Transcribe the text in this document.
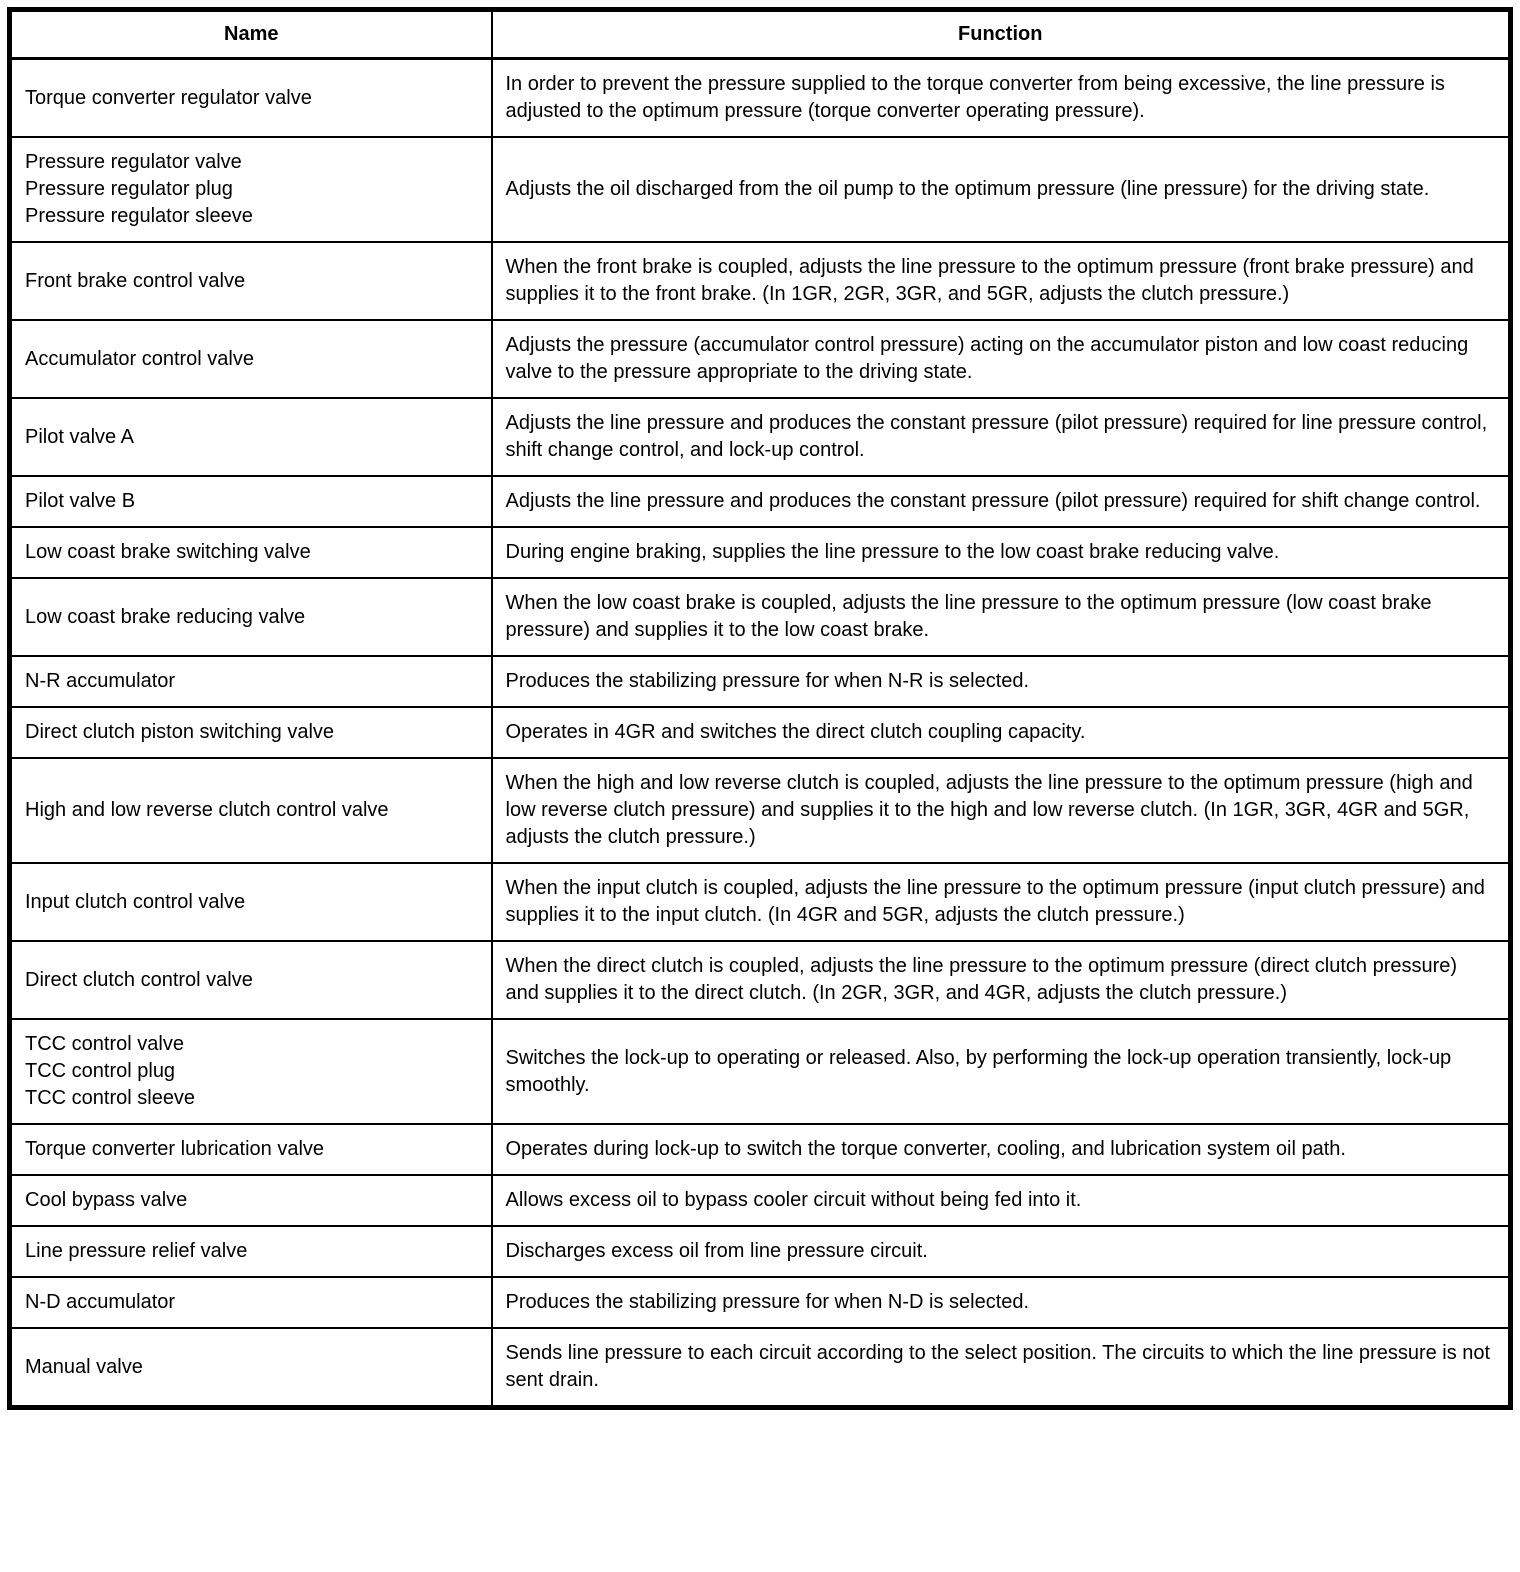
Name	Function

Torque converter regulator valve	In order to prevent the pressure supplied to the torque converter from being excessive, the line pressure is adjusted to the optimum pressure (torque converter operating pressure).

Pressure regulator valve
Pressure regulator plug
Pressure regulator sleeve	Adjusts the oil discharged from the oil pump to the optimum pressure (line pressure) for the driving state.

Front brake control valve	When the front brake is coupled, adjusts the line pressure to the optimum pressure (front brake pressure) and supplies it to the front brake. (In 1GR, 2GR, 3GR, and 5GR, adjusts the clutch pressure.)

Accumulator control valve	Adjusts the pressure (accumulator control pressure) acting on the accumulator piston and low coast reducing valve to the pressure appropriate to the driving state.

Pilot valve A	Adjusts the line pressure and produces the constant pressure (pilot pressure) required for line pressure control, shift change control, and lock-up control.

Pilot valve B	Adjusts the line pressure and produces the constant pressure (pilot pressure) required for shift change control.

Low coast brake switching valve	During engine braking, supplies the line pressure to the low coast brake reducing valve.

Low coast brake reducing valve	When the low coast brake is coupled, adjusts the line pressure to the optimum pressure (low coast brake pressure) and supplies it to the low coast brake.

N-R accumulator	Produces the stabilizing pressure for when N-R is selected.

Direct clutch piston switching valve	Operates in 4GR and switches the direct clutch coupling capacity.

High and low reverse clutch control valve	When the high and low reverse clutch is coupled, adjusts the line pressure to the optimum pressure (high and low reverse clutch pressure) and supplies it to the high and low reverse clutch. (In 1GR, 3GR, 4GR and 5GR, adjusts the clutch pressure.)

Input clutch control valve	When the input clutch is coupled, adjusts the line pressure to the optimum pressure (input clutch pressure) and supplies it to the input clutch. (In 4GR and 5GR, adjusts the clutch pressure.)

Direct clutch control valve	When the direct clutch is coupled, adjusts the line pressure to the optimum pressure (direct clutch pressure) and supplies it to the direct clutch. (In 2GR, 3GR, and 4GR, adjusts the clutch pressure.)

TCC control valve
TCC control plug
TCC control sleeve	Switches the lock-up to operating or released. Also, by performing the lock-up operation transiently, lock-up smoothly.

Torque converter lubrication valve	Operates during lock-up to switch the torque converter, cooling, and lubrication system oil path.

Cool bypass valve	Allows excess oil to bypass cooler circuit without being fed into it.

Line pressure relief valve	Discharges excess oil from line pressure circuit.

N-D accumulator	Produces the stabilizing pressure for when N-D is selected.

Manual valve	Sends line pressure to each circuit according to the select position. The circuits to which the line pressure is not sent drain.
